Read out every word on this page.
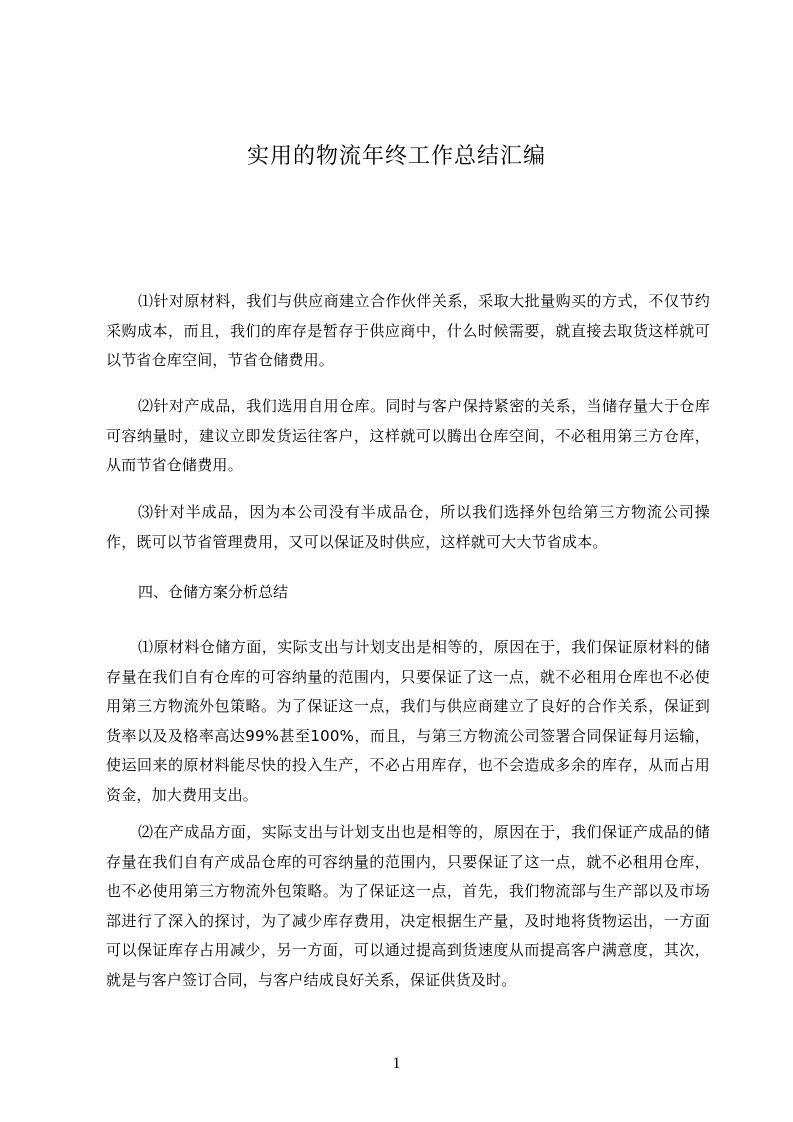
实用的物流年终工作总结汇编

⑴针对原材料，我们与供应商建立合作伙伴关系，采取大批量购买的方式，不仅节约采购成本，而且，我们的库存是暂存于供应商中，什么时候需要，就直接去取货这样就可以节省仓库空间，节省仓储费用。

⑵针对产成品，我们选用自用仓库。同时与客户保持紧密的关系，当储存量大于仓库可容纳量时，建议立即发货运往客户，这样就可以腾出仓库空间，不必租用第三方仓库，从而节省仓储费用。

⑶针对半成品，因为本公司没有半成品仓，所以我们选择外包给第三方物流公司操作，既可以节省管理费用，又可以保证及时供应，这样就可大大节省成本。

四、仓储方案分析总结

⑴原材料仓储方面，实际支出与计划支出是相等的，原因在于，我们保证原材料的储存量在我们自有仓库的可容纳量的范围内，只要保证了这一点，就不必租用仓库也不必使用第三方物流外包策略。为了保证这一点，我们与供应商建立了良好的合作关系，保证到货率以及及格率高达99%甚至100%，而且，与第三方物流公司签署合同保证每月运输，使运回来的原材料能尽快的投入生产，不必占用库存，也不会造成多余的库存，从而占用资金，加大费用支出。

⑵在产成品方面，实际支出与计划支出也是相等的，原因在于，我们保证产成品的储存量在我们自有产成品仓库的可容纳量的范围内，只要保证了这一点，就不必租用仓库，也不必使用第三方物流外包策略。为了保证这一点，首先，我们物流部与生产部以及市场部进行了深入的探讨，为了减少库存费用，决定根据生产量，及时地将货物运出，一方面可以保证库存占用减少，另一方面，可以通过提高到货速度从而提高客户满意度，其次，就是与客户签订合同，与客户结成良好关系，保证供货及时。

1
